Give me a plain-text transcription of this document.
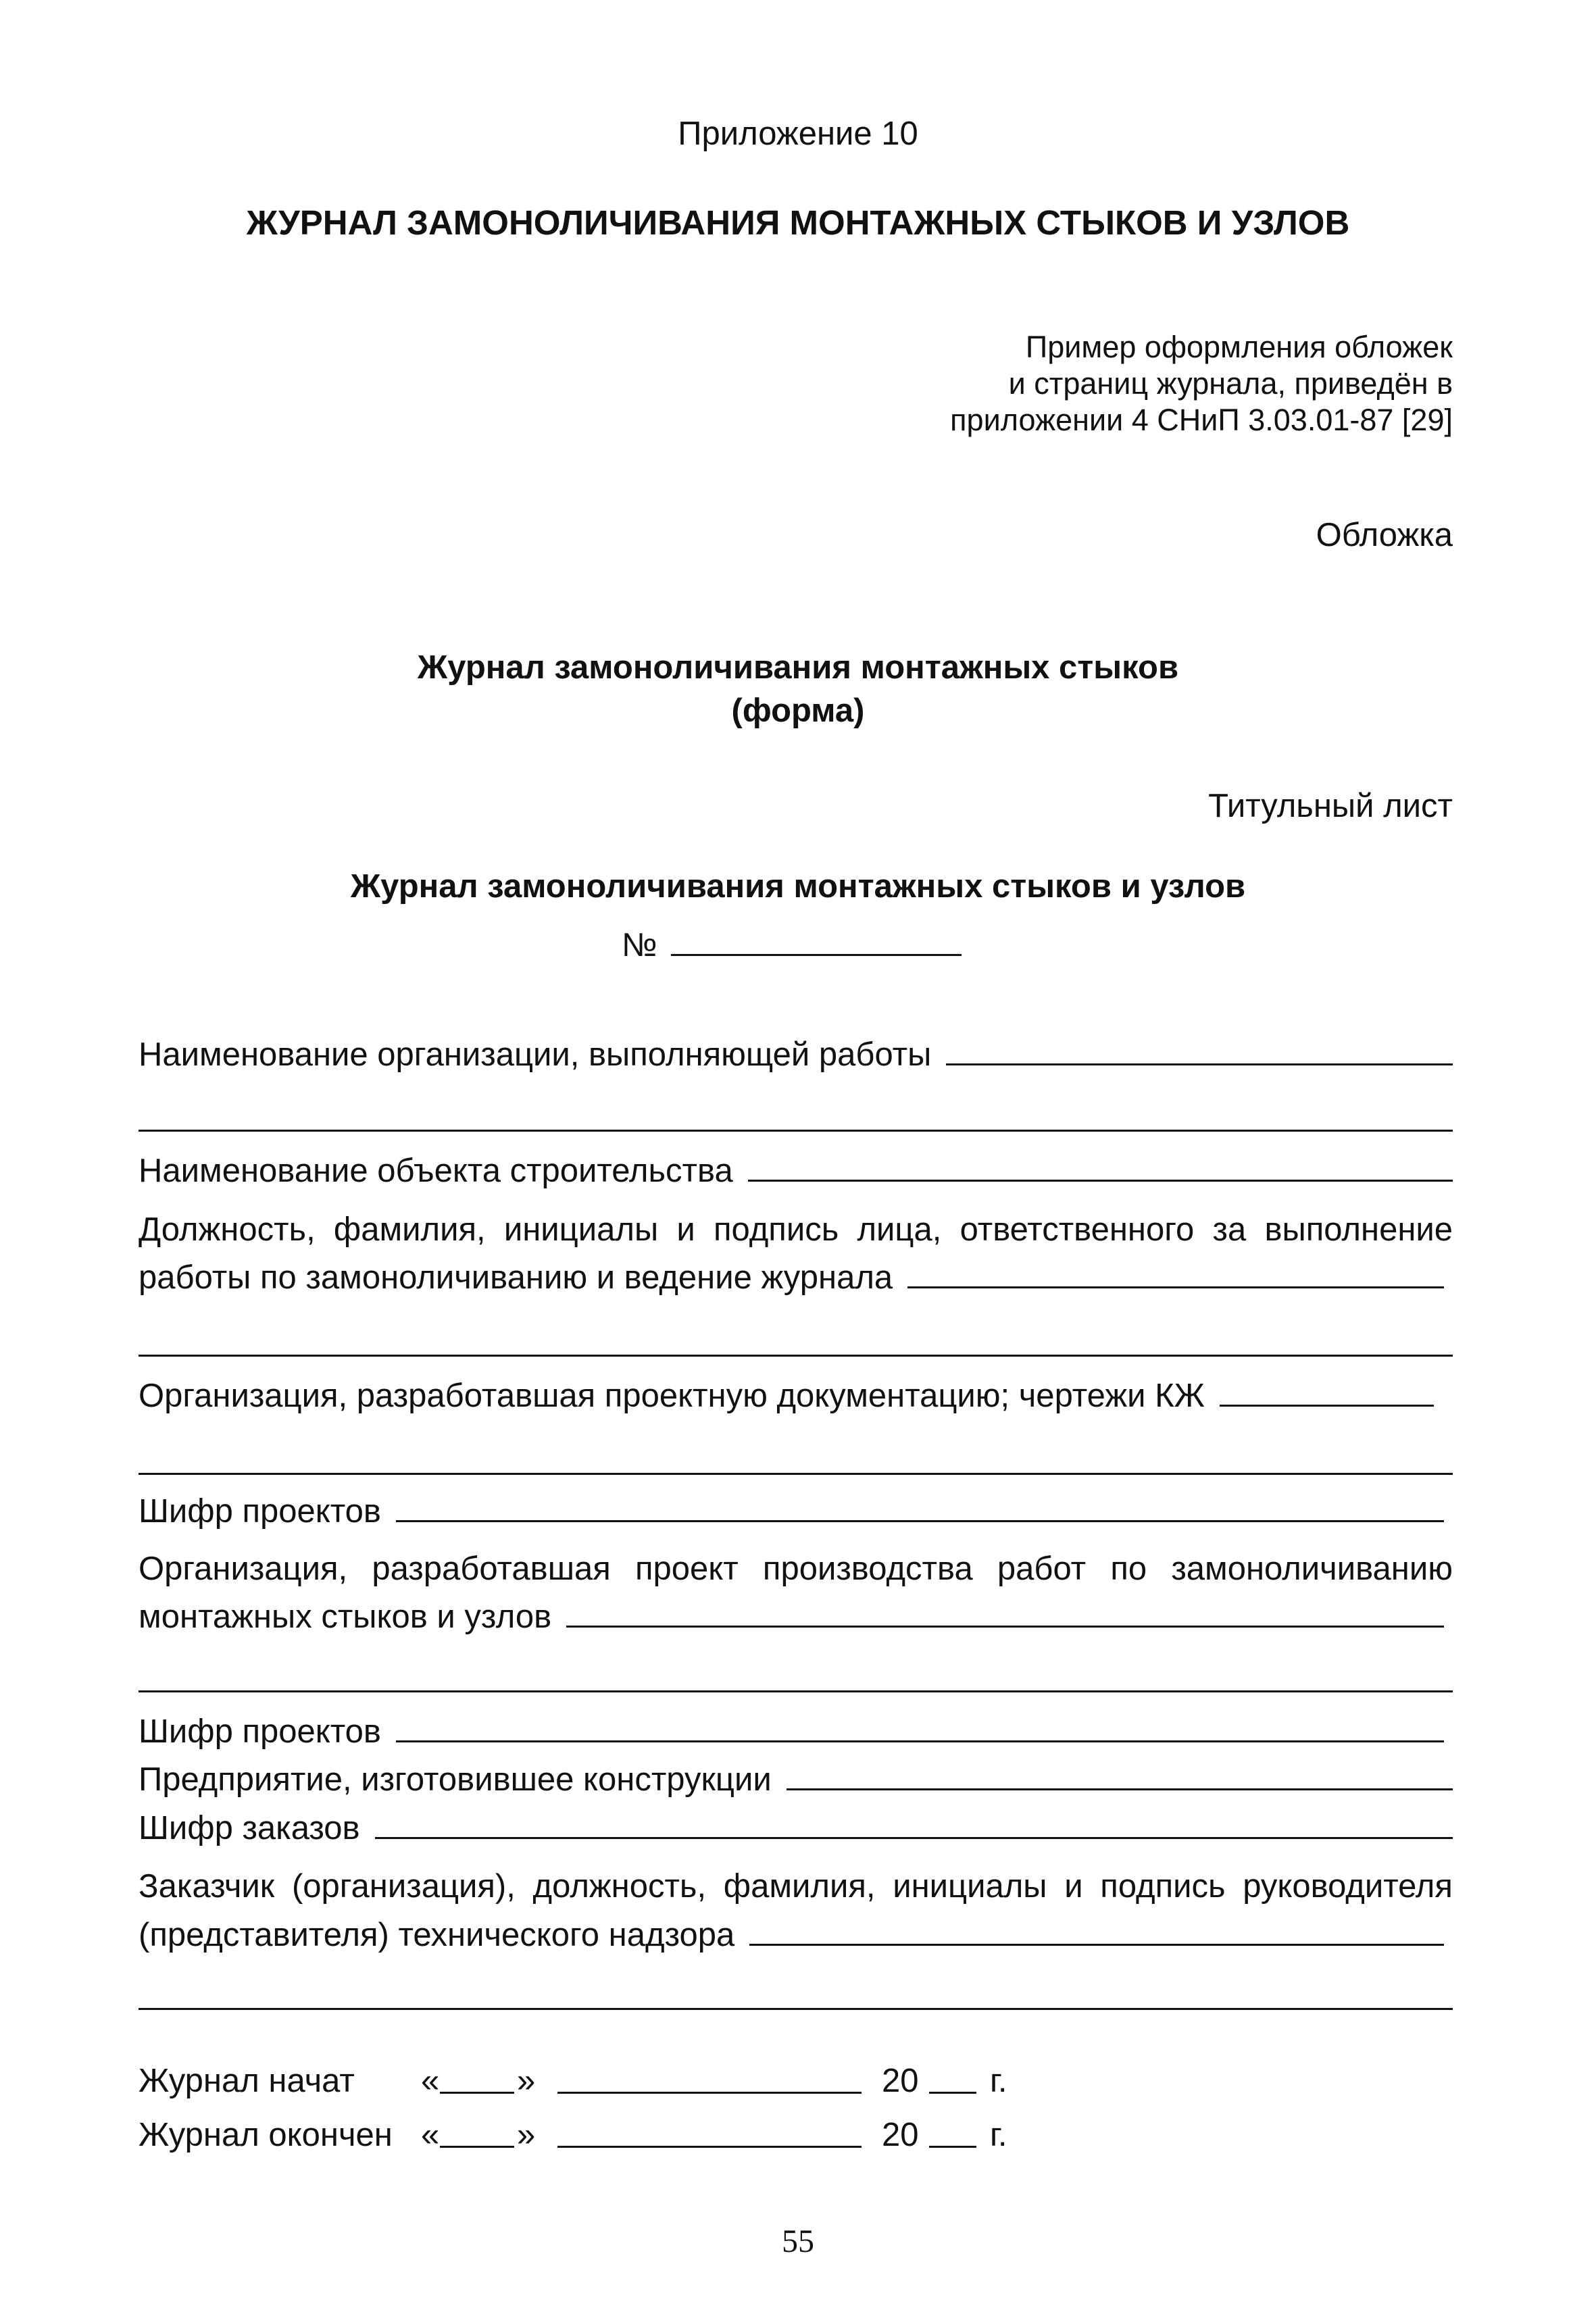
Приложение 10
ЖУРНАЛ ЗАМОНОЛИЧИВАНИЯ МОНТАЖНЫХ СТЫКОВ И УЗЛОВ
Пример оформления обложек
и страниц журнала, приведён в
приложении 4 СНиП 3.03.01-87 [29]
Обложка
Журнал замоноличивания монтажных стыков
(форма)
Титульный лист
Журнал замоноличивания монтажных стыков и узлов
№
Наименование организации, выполняющей работы
Наименование объекта строительства
Должность, фамилия, инициалы и подпись лица, ответственного за выполнение
работы по замоноличиванию и ведение журнала
Организация, разработавшая проектную документацию; чертежи КЖ
Шифр проектов
Организация, разработавшая проект производства работ по замоноличиванию
монтажных стыков и узлов
Шифр проектов
Предприятие, изготовившее конструкции
Шифр заказов
Заказчик (организация), должность, фамилия, инициалы и подпись руководителя
(представителя) технического надзора
Журнал начат « »	20 г.
Журнал окончен « »	20 г.
55
